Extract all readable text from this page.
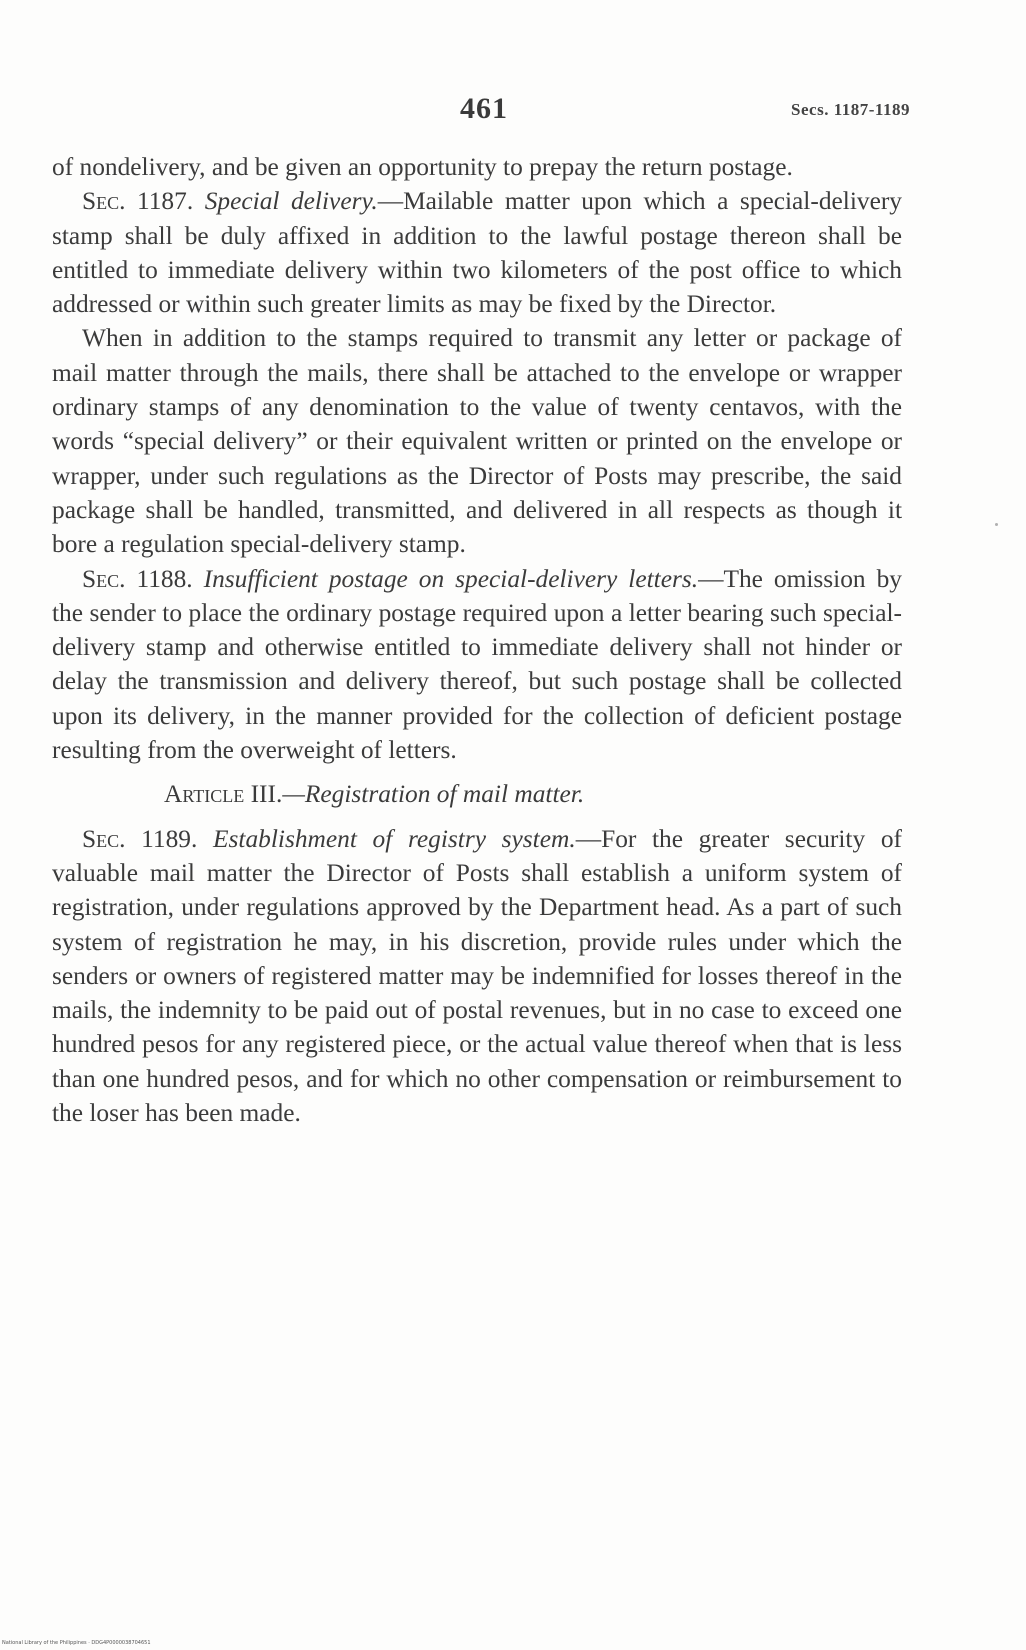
461	Secs. 1187-1189

of nondelivery, and be given an opportunity to prepay the return postage.

Sec. 1187. Special delivery.—Mailable matter upon which a special-delivery stamp shall be duly affixed in addition to the lawful postage thereon shall be entitled to immediate delivery within two kilometers of the post office to which addressed or within such greater limits as may be fixed by the Director.

When in addition to the stamps required to transmit any letter or package of mail matter through the mails, there shall be attached to the envelope or wrapper ordinary stamps of any denomination to the value of twenty centavos, with the words “special delivery” or their equivalent written or printed on the envelope or wrapper, under such regulations as the Director of Posts may prescribe, the said package shall be handled, transmitted, and delivered in all respects as though it bore a regulation special-delivery stamp.

Sec. 1188. Insufficient postage on special-delivery letters.—The omission by the sender to place the ordinary postage required upon a letter bearing such special-delivery stamp and otherwise entitled to immediate delivery shall not hinder or delay the transmission and delivery thereof, but such postage shall be collected upon its delivery, in the manner provided for the collection of deficient postage resulting from the overweight of letters.

Article III.—Registration of mail matter.

Sec. 1189. Establishment of registry system.—For the greater security of valuable mail matter the Director of Posts shall establish a uniform system of registration, under regulations approved by the Department head. As a part of such system of registration he may, in his discretion, provide rules under which the senders or owners of registered matter may be indemnified for losses thereof in the mails, the indemnity to be paid out of postal revenues, but in no case to exceed one hundred pesos for any registered piece, or the actual value thereof when that is less than one hundred pesos, and for which no other compensation or reimbursement to the loser has been made.

National Library of the Philippines · DDG4P0000038704651
